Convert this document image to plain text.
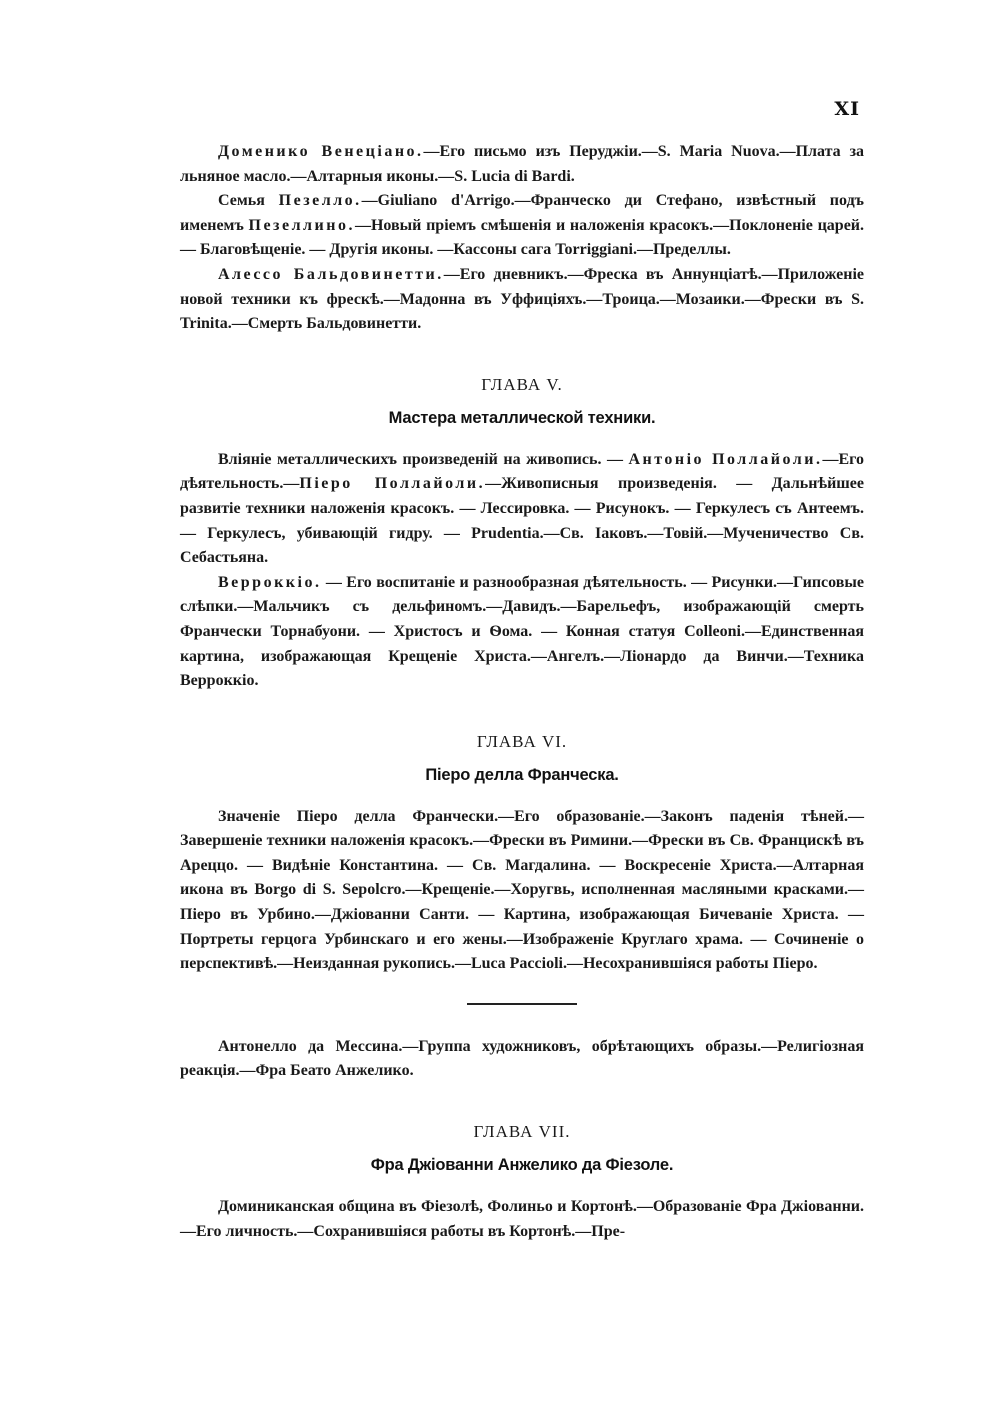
XI

Доменико Венеціано.—Его письмо изъ Перуджіи.—S. Maria Nuova.—Плата за льняное масло.—Алтарныя иконы.—S. Lucia di Bardi.

Семья Пезелло.—Giuliano d'Arrigo.—Франческо ди Стефано, извѣстный подъ именемъ Пезеллино.—Новый пріемъ смѣшенія и наложенія красокъ.—Поклоненіе царей. — Благовѣщеніе. — Другія иконы. —Кассоны сага Torriggiani.—Пределлы.

Алессо Бальдовинетти.—Его дневникъ.—Фреска въ Аннунціатѣ.—Приложеніе новой техники къ фрескѣ.—Мадонна въ Уффиціяхъ.—Троица.—Мозаики.—Фрески въ S. Trinita.—Смерть Бальдовинетти.

ГЛАВА V.
Мастера металлической техники.

Вліяніе металлическихъ произведеній на живопись. — Антоніо Поллайоли.—Его дѣятельность.—Піеро Поллайоли.—Живописныя произведенія. — Дальнѣйшее развитіе техники наложенія красокъ. — Лессировка. — Рисунокъ. — Геркулесъ съ Антеемъ. — Геркулесъ, убивающій гидру. — Prudentia.—Св. Іаковъ.—Товій.—Мученичество Св. Себастьяна.

Верроккіо. — Его воспитаніе и разнообразная дѣятельность. — Рисунки.—Гипсовые слѣпки.—Мальчикъ съ дельфиномъ.—Давидъ.—Барельефъ, изображающій смерть Франчески Торнабуони. — Христосъ и Ѳома. — Конная статуя Colleoni.—Единственная картина, изображающая Крещеніе Христа.—Ангелъ.—Ліонардо да Винчи.—Техника Верроккіо.

ГЛАВА VI.
Піеро делла Франческа.

Значеніе Піеро делла Франчески.—Его образованіе.—Законъ паденія тѣней.—Завершеніе техники наложенія красокъ.—Фрески въ Римини.—Фрески въ Св. Францискѣ въ Ареццо. — Видѣніе Константина. — Св. Магдалина. — Воскресеніе Христа.—Алтарная икона въ Borgo di S. Sepolcro.—Крещеніе.—Хоругвь, исполненная масляными красками.—Піеро въ Урбино.—Джіованни Санти. — Картина, изображающая Бичеваніе Христа. — Портреты герцога Урбинскаго и его жены.—Изображеніе Круглаго храма. — Сочиненіе о перспективѣ.—Неизданная рукопись.—Luca Paccioli.—Несохранившіяся работы Піеро.

Антонелло да Мессина.—Группа художниковъ, обрѣтающихъ образы.—Религіозная реакція.—Фра Беато Анжелико.

ГЛАВА VII.
Фра Джіованни Анжелико да Фіезоле.

Доминиканская община въ Фіезолѣ, Фолиньо и Кортонѣ.—Образованіе Фра Джіованни.—Его личность.—Сохранившіяся работы въ Кортонѣ.—Пре-
